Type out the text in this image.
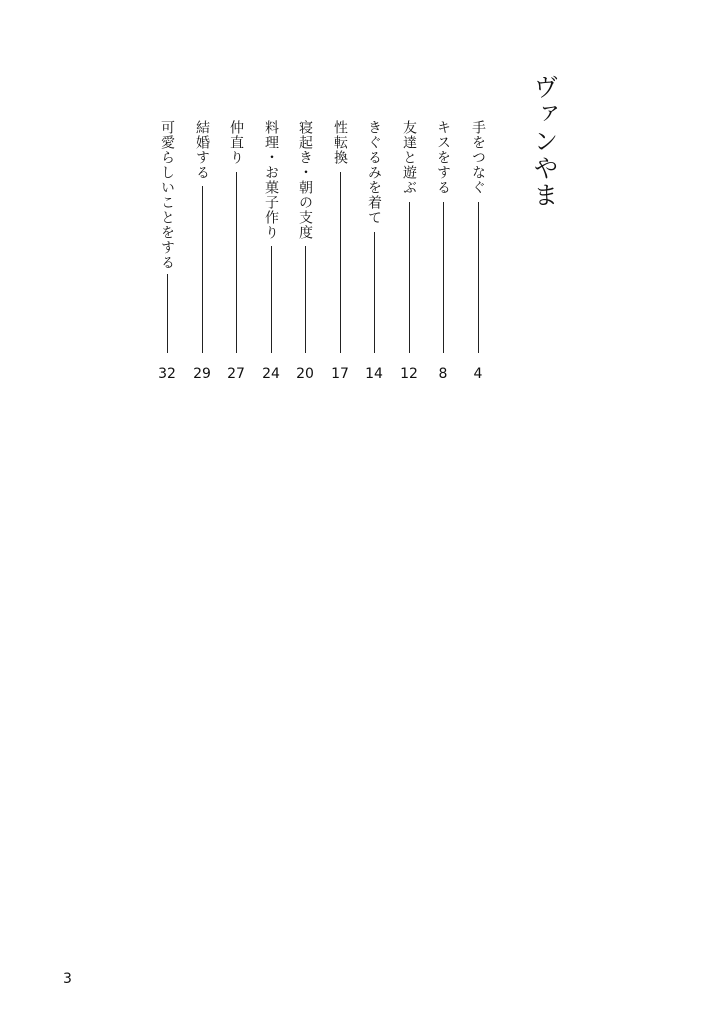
ヴァンやま
手をつなぐ
4
キスをする
8
友達と遊ぶ
12
きぐるみを着て
14
性転換
17
寝起き・朝の支度
20
料理・お菓子作り
24
仲直り
27
結婚する
29
可愛らしいことをする
32
3
